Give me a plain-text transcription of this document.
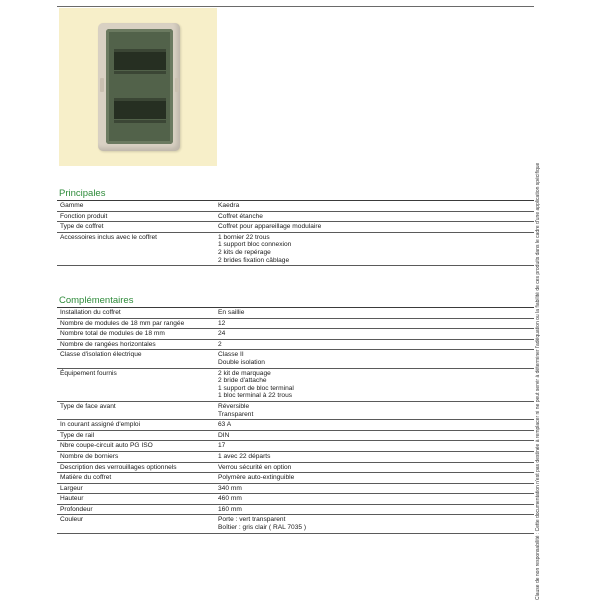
Principales
Gamme	Kaedra

Fonction produit	Coffret étanche

Type de coffret	Coffret pour appareillage modulaire

Accessoires inclus avec le coffret	1 bornier 22 trous
1 support bloc connexion
2 kits de repérage
2 brides fixation câblage
Complémentaires
Installation du coffret	En saillie

Nombre de modules de 18 mm par rangée	12

Nombre total de modules de 18 mm	24

Nombre de rangées horizontales	2

Classe d'isolation électrique	Classe II
Double isolation

Équipement fournis	2 kit de marquage
2 bride d'attache
1 support de bloc terminal
1 bloc terminal à 22 trous

Type de face avant	Réversible
Transparent

In courant assigné d'emploi	63 A

Type de rail	DIN

Nbre coupe-circuit auto PG ISO	17

Nombre de borniers	1 avec 22 départs

Description des verrouillages optionnels	Verrou sécurité en option

Matière du coffret	Polymère auto-extinguible

Largeur	340 mm

Hauteur	460 mm

Profondeur	160 mm

Couleur	Porte : vert transparent
Boîtier : gris clair ( RAL 7035 )	Clause de non responsabilité : Cette documentation n'est pas destinée à remplacer ni ne peut servir à déterminer l'adéquation ou la fiabilité de ces produits dans le cadre d'une application spécifique
